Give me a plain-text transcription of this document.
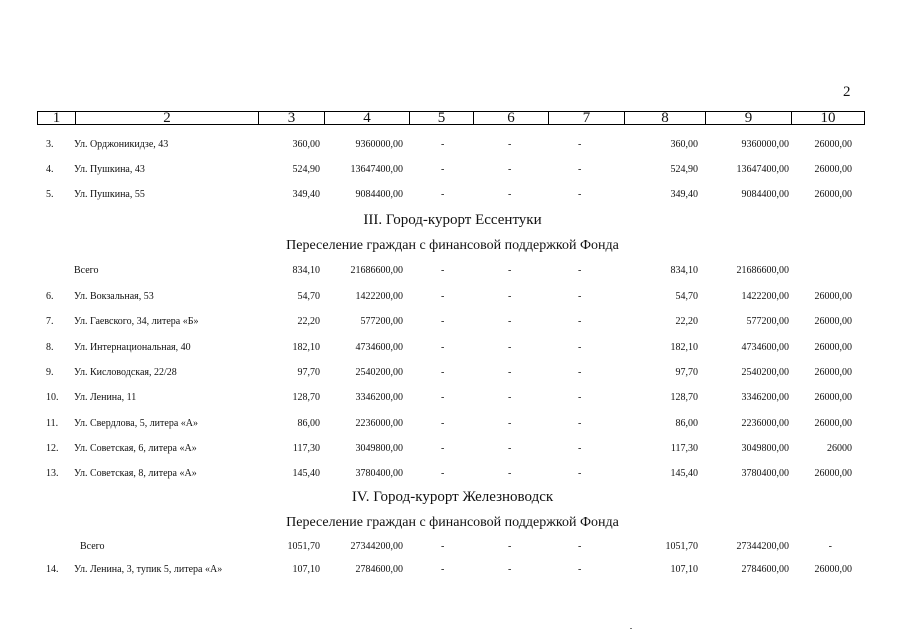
2
1	2	3	4	5	6	7	8	9	10
3. Ул. Орджоникидзе, 43	360,00	9360000,00	-	-	-	360,00	9360000,00	26000,00
4. Ул. Пушкина, 43	524,90	13647400,00	-	-	-	524,90	13647400,00	26000,00
5. Ул. Пушкина, 55	349,40	9084400,00	-	-	-	349,40	9084400,00	26000,00
III. Город-курорт Ессентуки
Переселение граждан с финансовой поддержкой Фонда
Всего	834,10	21686600,00	-	-	-	834,10	21686600,00
6. Ул. Вокзальная, 53	54,70	1422200,00	-	-	-	54,70	1422200,00	26000,00
7. Ул. Гаевского, 34, литера «Б»	22,20	577200,00	-	-	-	22,20	577200,00	26000,00
8. Ул. Интернациональная, 40	182,10	4734600,00	-	-	-	182,10	4734600,00	26000,00
9. Ул. Кисловодская, 22/28	97,70	2540200,00	-	-	-	97,70	2540200,00	26000,00
10. Ул. Ленина, 11	128,70	3346200,00	-	-	-	128,70	3346200,00	26000,00
11. Ул. Свердлова, 5, литера «А»	86,00	2236000,00	-	-	-	86,00	2236000,00	26000,00
12. Ул. Советская, 6, литера «А»	117,30	3049800,00	-	-	-	117,30	3049800,00	26000
13. Ул. Советская, 8, литера «А»	145,40	3780400,00	-	-	-	145,40	3780400,00	26000,00
IV. Город-курорт Железноводск
Переселение граждан с финансовой поддержкой Фонда
Всего	1051,70	27344200,00	-	-	-	1051,70	27344200,00	-
14. Ул. Ленина, 3, тупик 5, литера «А»	107,10	2784600,00	-	-	-	107,10	2784600,00	26000,00
